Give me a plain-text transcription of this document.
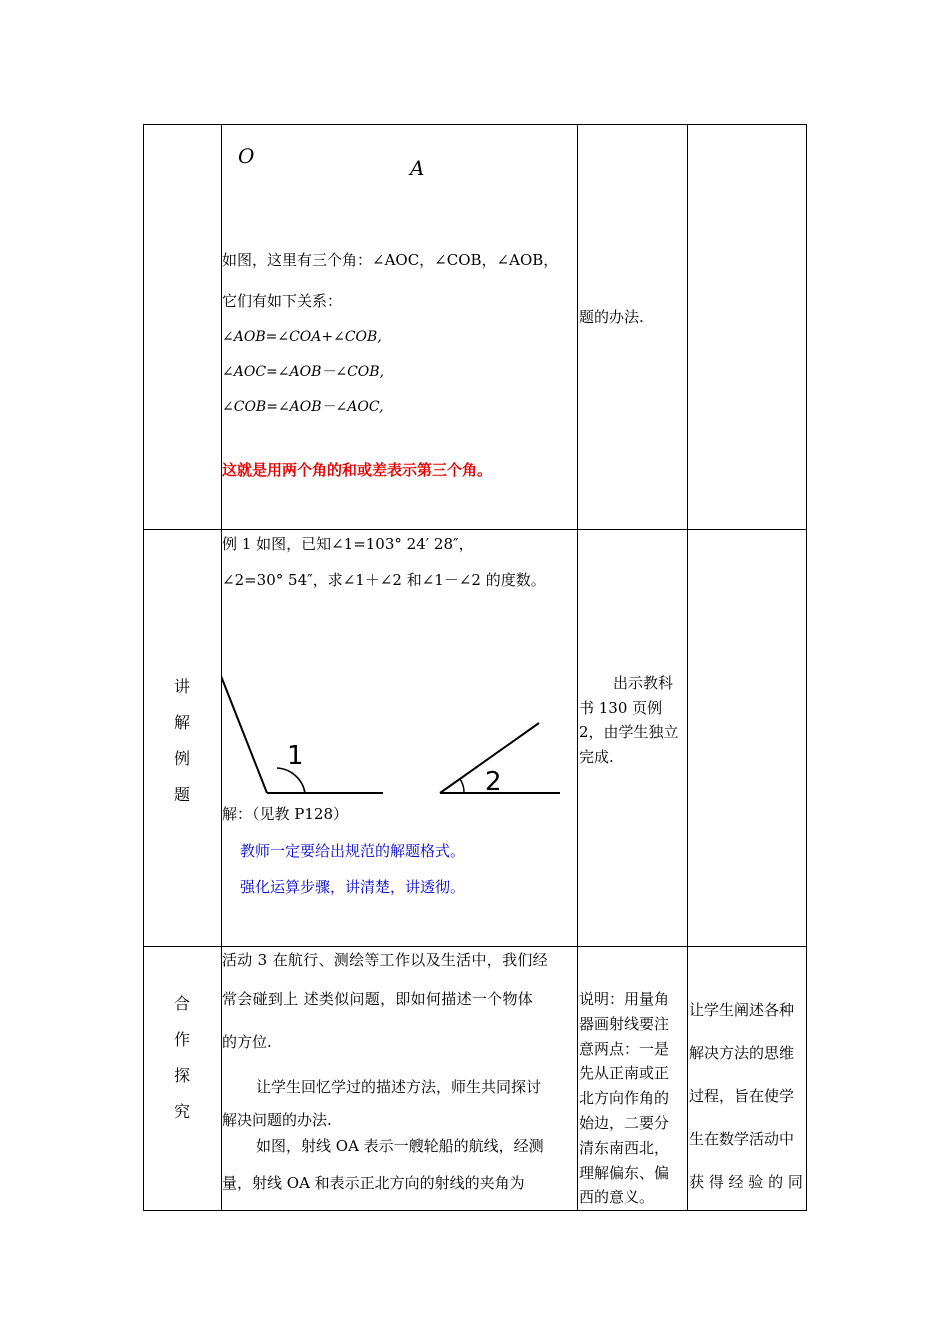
O	A
如图，这里有三个角：∠AOC，∠COB，∠AOB，
它们有如下关系：
∠AOB=∠COA+∠COB,
∠AOC=∠AOB－∠COB,
∠COB=∠AOB－∠AOC,
这就是用两个角的和或差表示第三个角。
题的办法.
讲
解
例
题
例 1 如图，已知∠1=103° 24′ 28″，
∠2=30° 54″，求∠1＋∠2 和∠1－∠2 的度数。
1
2
解：（见教 P128）
教师一定要给出规范的解题格式。
强化运算步骤，讲清楚，讲透彻。
出示教科
书 130 页例
2，由学生独立
完成.
合
作
探
究
活动 3 在航行、测绘等工作以及生活中，我们经
常会碰到上 述类似问题，即如何描述一个物体
的方位.
让学生回忆学过的描述方法，师生共同探讨
解决问题的办法.
如图，射线 OA 表示一艘轮船的航线，经测
量，射线 OA 和表示正北方向的射线的夹角为
说明：用量角
器画射线要注
意两点：一是
先从正南或正
北方向作角的
始边，二要分
清东南西北，
理解偏东、偏
西的意义。
让学生阐述各种
解决方法的思维
过程，旨在使学
生在数学活动中
获 得 经 验 的 同
